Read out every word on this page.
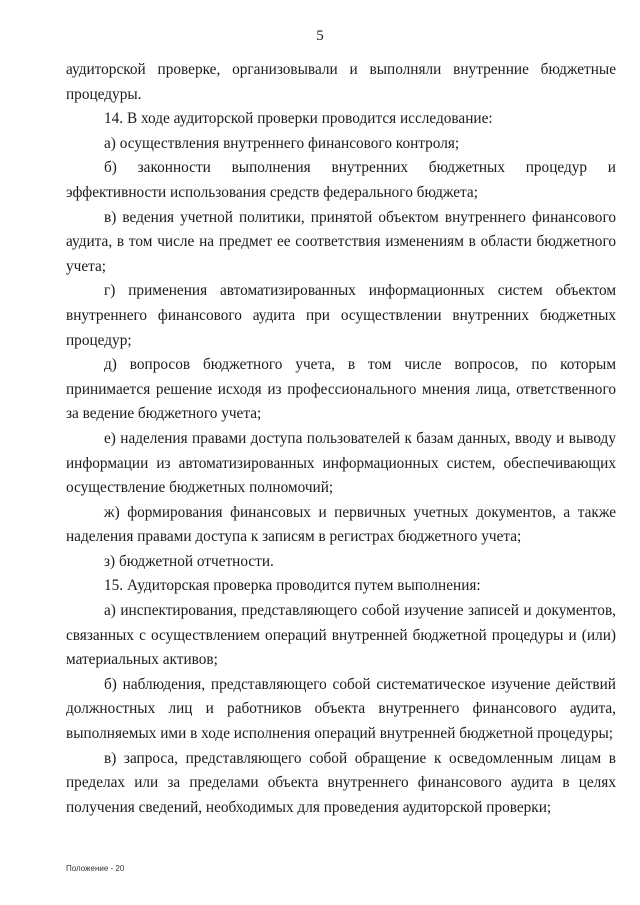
5

аудиторской проверке, организовывали и выполняли внутренние бюджетные процедуры.

14. В ходе аудиторской проверки проводится исследование:

а) осуществления внутреннего финансового контроля;

б) законности выполнения внутренних бюджетных процедур и эффективности использования средств федерального бюджета;

в) ведения учетной политики, принятой объектом внутреннего финансового аудита, в том числе на предмет ее соответствия изменениям в области бюджетного учета;

г) применения автоматизированных информационных систем объектом внутреннего финансового аудита при осуществлении внутренних бюджетных процедур;

д) вопросов бюджетного учета, в том числе вопросов, по которым принимается решение исходя из профессионального мнения лица, ответственного за ведение бюджетного учета;

е) наделения правами доступа пользователей к базам данных, вводу и выводу информации из автоматизированных информационных систем, обеспечивающих осуществление бюджетных полномочий;

ж) формирования финансовых и первичных учетных документов, а также наделения правами доступа к записям в регистрах бюджетного учета;

з) бюджетной отчетности.

15. Аудиторская проверка проводится путем выполнения:

а) инспектирования, представляющего собой изучение записей и документов, связанных с осуществлением операций внутренней бюджетной процедуры и (или) материальных активов;

б) наблюдения, представляющего собой систематическое изучение действий должностных лиц и работников объекта внутреннего финансового аудита, выполняемых ими в ходе исполнения операций внутренней бюджетной процедуры;

в) запроса, представляющего собой обращение к осведомленным лицам в пределах или за пределами объекта внутреннего финансового аудита в целях получения сведений, необходимых для проведения аудиторской проверки;

Положение - 20
